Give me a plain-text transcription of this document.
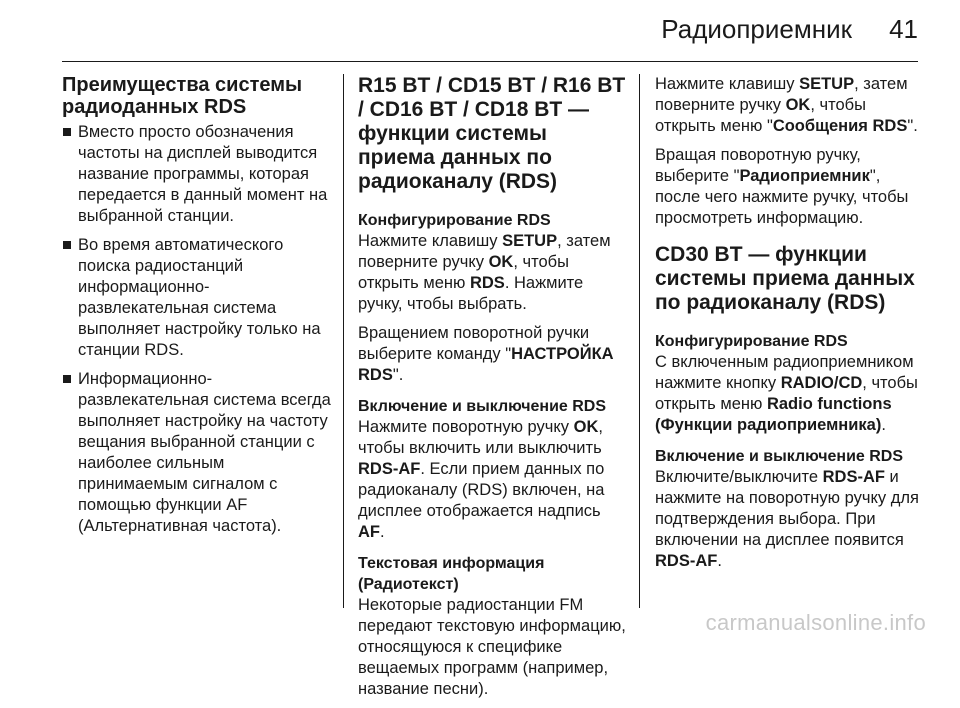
Радиоприемник 41
Преимущества системы радиоданных RDS
Вместо просто обозначения частоты на дисплей выводится название программы, которая передается в данный момент на выбранной станции.
Во время автоматического поиска радиостанций информационно-развлекательная система выполняет настройку только на станции RDS.
Информационно-развлекательная система всегда выполняет настройку на частоту вещания выбранной станции с наиболее сильным принимаемым сигналом с помощью функции AF (Альтернативная частота).
R15 BT / CD15 BT / R16 BT / CD16 BT / CD18 BT — функции системы приема данных по радиоканалу (RDS)
Конфигурирование RDS

Нажмите клавишу SETUP, затем поверните ручку OK, чтобы открыть меню RDS. Нажмите ручку, чтобы выбрать.

Вращением поворотной ручки выберите команду "НАСТРОЙКА RDS".

Включение и выключение RDS

Нажмите поворотную ручку OK, чтобы включить или выключить RDS-AF. Если прием данных по радиоканалу (RDS) включен, на дисплее отображается надпись AF.

Текстовая информация (Радиотекст)

Некоторые радиостанции FM передают текстовую информацию, относящуюся к специфике вещаемых программ (например, название песни).

Нажмите клавишу SETUP, затем поверните ручку OK, чтобы открыть меню "Сообщения RDS".

Вращая поворотную ручку, выберите "Радиоприемник", после чего нажмите ручку, чтобы просмотреть информацию.

CD30 BT — функции системы приема данных по радиоканалу (RDS)
Конфигурирование RDS

С включенным радиоприемником нажмите кнопку RADIO/CD, чтобы открыть меню Radio functions (Функции радиоприемника).

Включение и выключение RDS

Включите/выключите RDS-AF и нажмите на поворотную ручку для подтверждения выбора. При включении на дисплее появится RDS-AF.

carmanualsonline.info
